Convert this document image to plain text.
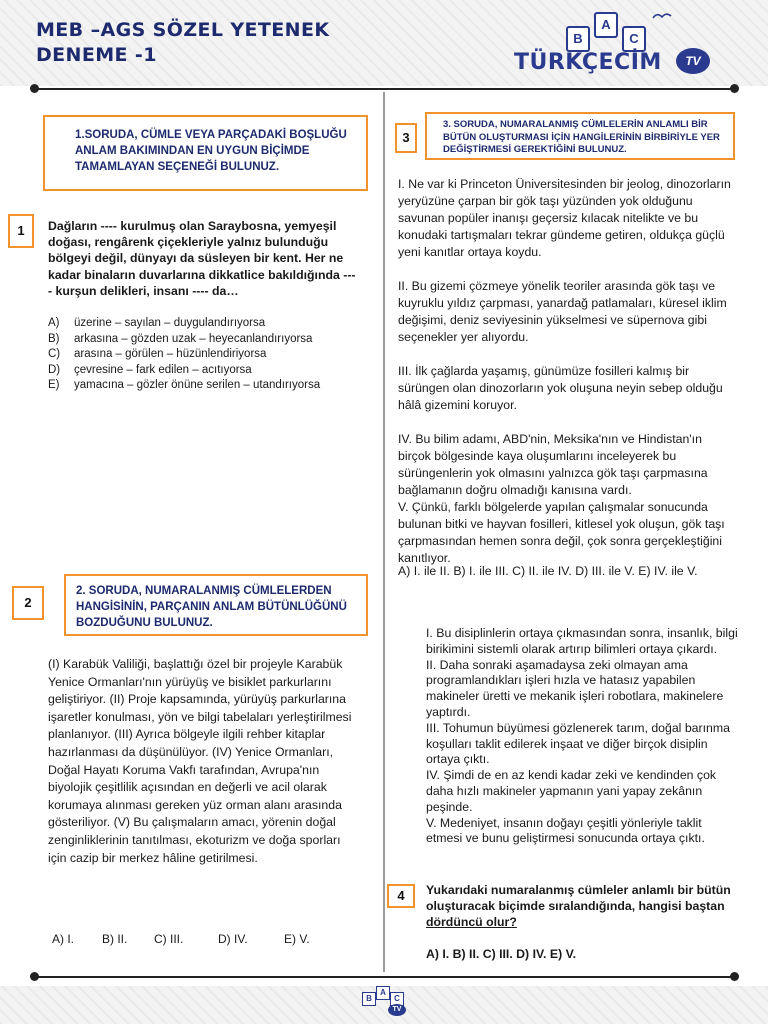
MEB –AGS SÖZEL YETENEK
DENEME -1
B
A
C
TÜRKÇECİM	TV
1.SORUDA, CÜMLE VEYA PARÇADAKİ BOŞLUĞU ANLAM BAKIMINDAN EN UYGUN BİÇİMDE TAMAMLAYAN SEÇENEĞİ BULUNUZ.
1	Dağların ---- kurulmuş olan Saraybosna, yemyeşil doğası, rengârenk çiçekleriyle yalnız bulunduğu bölgeyi değil, dünyayı da süsleyen bir kent. Her ne kadar binaların duvarlarına dikkatlice bakıldığında ---- kurşun delikleri, insanı ---- da…
A) üzerine – sayılan – duygulandırıyorsa
B) arkasına – gözden uzak – heyecanlandırıyorsa
C) arasına – görülen – hüzünlendiriyorsa
D) çevresine – fark edilen – acıtıyorsa
E) yamacına – gözler önüne serilen – utandırıyorsa
2
2. SORUDA, NUMARALANMIŞ CÜMLELERDEN HANGİSİNİN, PARÇANIN ANLAM BÜTÜNLÜĞÜNÜ BOZDUĞUNU BULUNUZ.
(I) Karabük Valiliği, başlattığı özel bir projeyle Karabük Yenice Ormanları'nın yürüyüş ve bisiklet parkurlarını geliştiriyor. (II) Proje kapsamında, yürüyüş parkurlarına işaretler konulması, yön ve bilgi tabelaları yerleştirilmesi planlanıyor. (III) Ayrıca bölgeyle ilgili rehber kitaplar hazırlanması da düşünülüyor. (IV) Yenice Ormanları, Doğal Hayatı Koruma Vakfı tarafından, Avrupa'nın biyolojik çeşitlilik açısından en değerli ve acil olarak korumaya alınması gereken yüz orman alanı arasında gösteriliyor. (V) Bu çalışmaların amacı, yörenin doğal zenginliklerinin tanıtılması, ekoturizm ve doğa sporları için cazip bir merkez hâline getirilmesi.
A) I. B) II. C) III.	D) IV.	E) V.
3
3. SORUDA, NUMARALANMIŞ CÜMLELERİN ANLAMLI BİR BÜTÜN OLUŞTURMASI İÇİN HANGİLERİNİN BİRBİRİYLE YER DEĞİŞTİRMESİ GEREKTİĞİNİ BULUNUZ.

I. Ne var ki Princeton Üniversitesinden bir jeolog, dinozorların yeryüzüne çarpan bir gök taşı yüzünden yok olduğunu savunan popüler inanışı geçersiz kılacak nitelikte ve bu konudaki tartışmaları tekrar gündeme getiren, oldukça güçlü yeni kanıtlar ortaya koydu.

II. Bu gizemi çözmeye yönelik teoriler arasında gök taşı ve kuyruklu yıldız çarpması, yanardağ patlamaları, küresel iklim değişimi, deniz seviyesinin yükselmesi ve süpernova gibi seçenekler yer alıyordu.

III. İlk çağlarda yaşamış, günümüze fosilleri kalmış bir sürüngen olan dinozorların yok oluşuna neyin sebep olduğu hâlâ gizemini koruyor.

IV. Bu bilim adamı, ABD'nin, Meksika'nın ve Hindistan'ın birçok bölgesinde kaya oluşumlarını inceleyerek bu sürüngenlerin yok olmasını yalnızca gök taşı çarpmasına bağlamanın doğru olmadığı kanısına vardı.

V. Çünkü, farklı bölgelerde yapılan çalışmalar sonucunda bulunan bitki ve hayvan fosilleri, kitlesel yok oluşun, gök taşı çarpmasından hemen sonra değil, çok sonra gerçekleştiğini kanıtlıyor.

A) I. ile II. B) I. ile III. C) II. ile IV. D) III. ile V. E) IV. ile V.

I. Bu disiplinlerin ortaya çıkmasından sonra, insanlık, bilgi birikimini sistemli olarak artırıp bilimleri ortaya çıkardı.

II. Daha sonraki aşamadaysa zeki olmayan ama programlandıkları işleri hızla ve hatasız yapabilen makineler üretti ve mekanik işleri robotlara, makinelere yaptırdı.

III. Tohumun büyümesi gözlenerek tarım, doğal barınma koşulları taklit edilerek inşaat ve diğer birçok disiplin ortaya çıktı.

IV. Şimdi de en az kendi kadar zeki ve kendinden çok daha hızlı makineler yapmanın yani yapay zekânın peşinde.

V. Medeniyet, insanın doğayı çeşitli yönleriyle taklit etmesi ve bunu geliştirmesi sonucunda ortaya çıktı.

4	Yukarıdaki numaralanmış cümleler anlamlı bir bütün oluşturacak biçimde sıralandığında, hangisi baştan dördüncü olur?
A) I. B) II. C) III. D) IV. E) V.
B
A
C
TV
